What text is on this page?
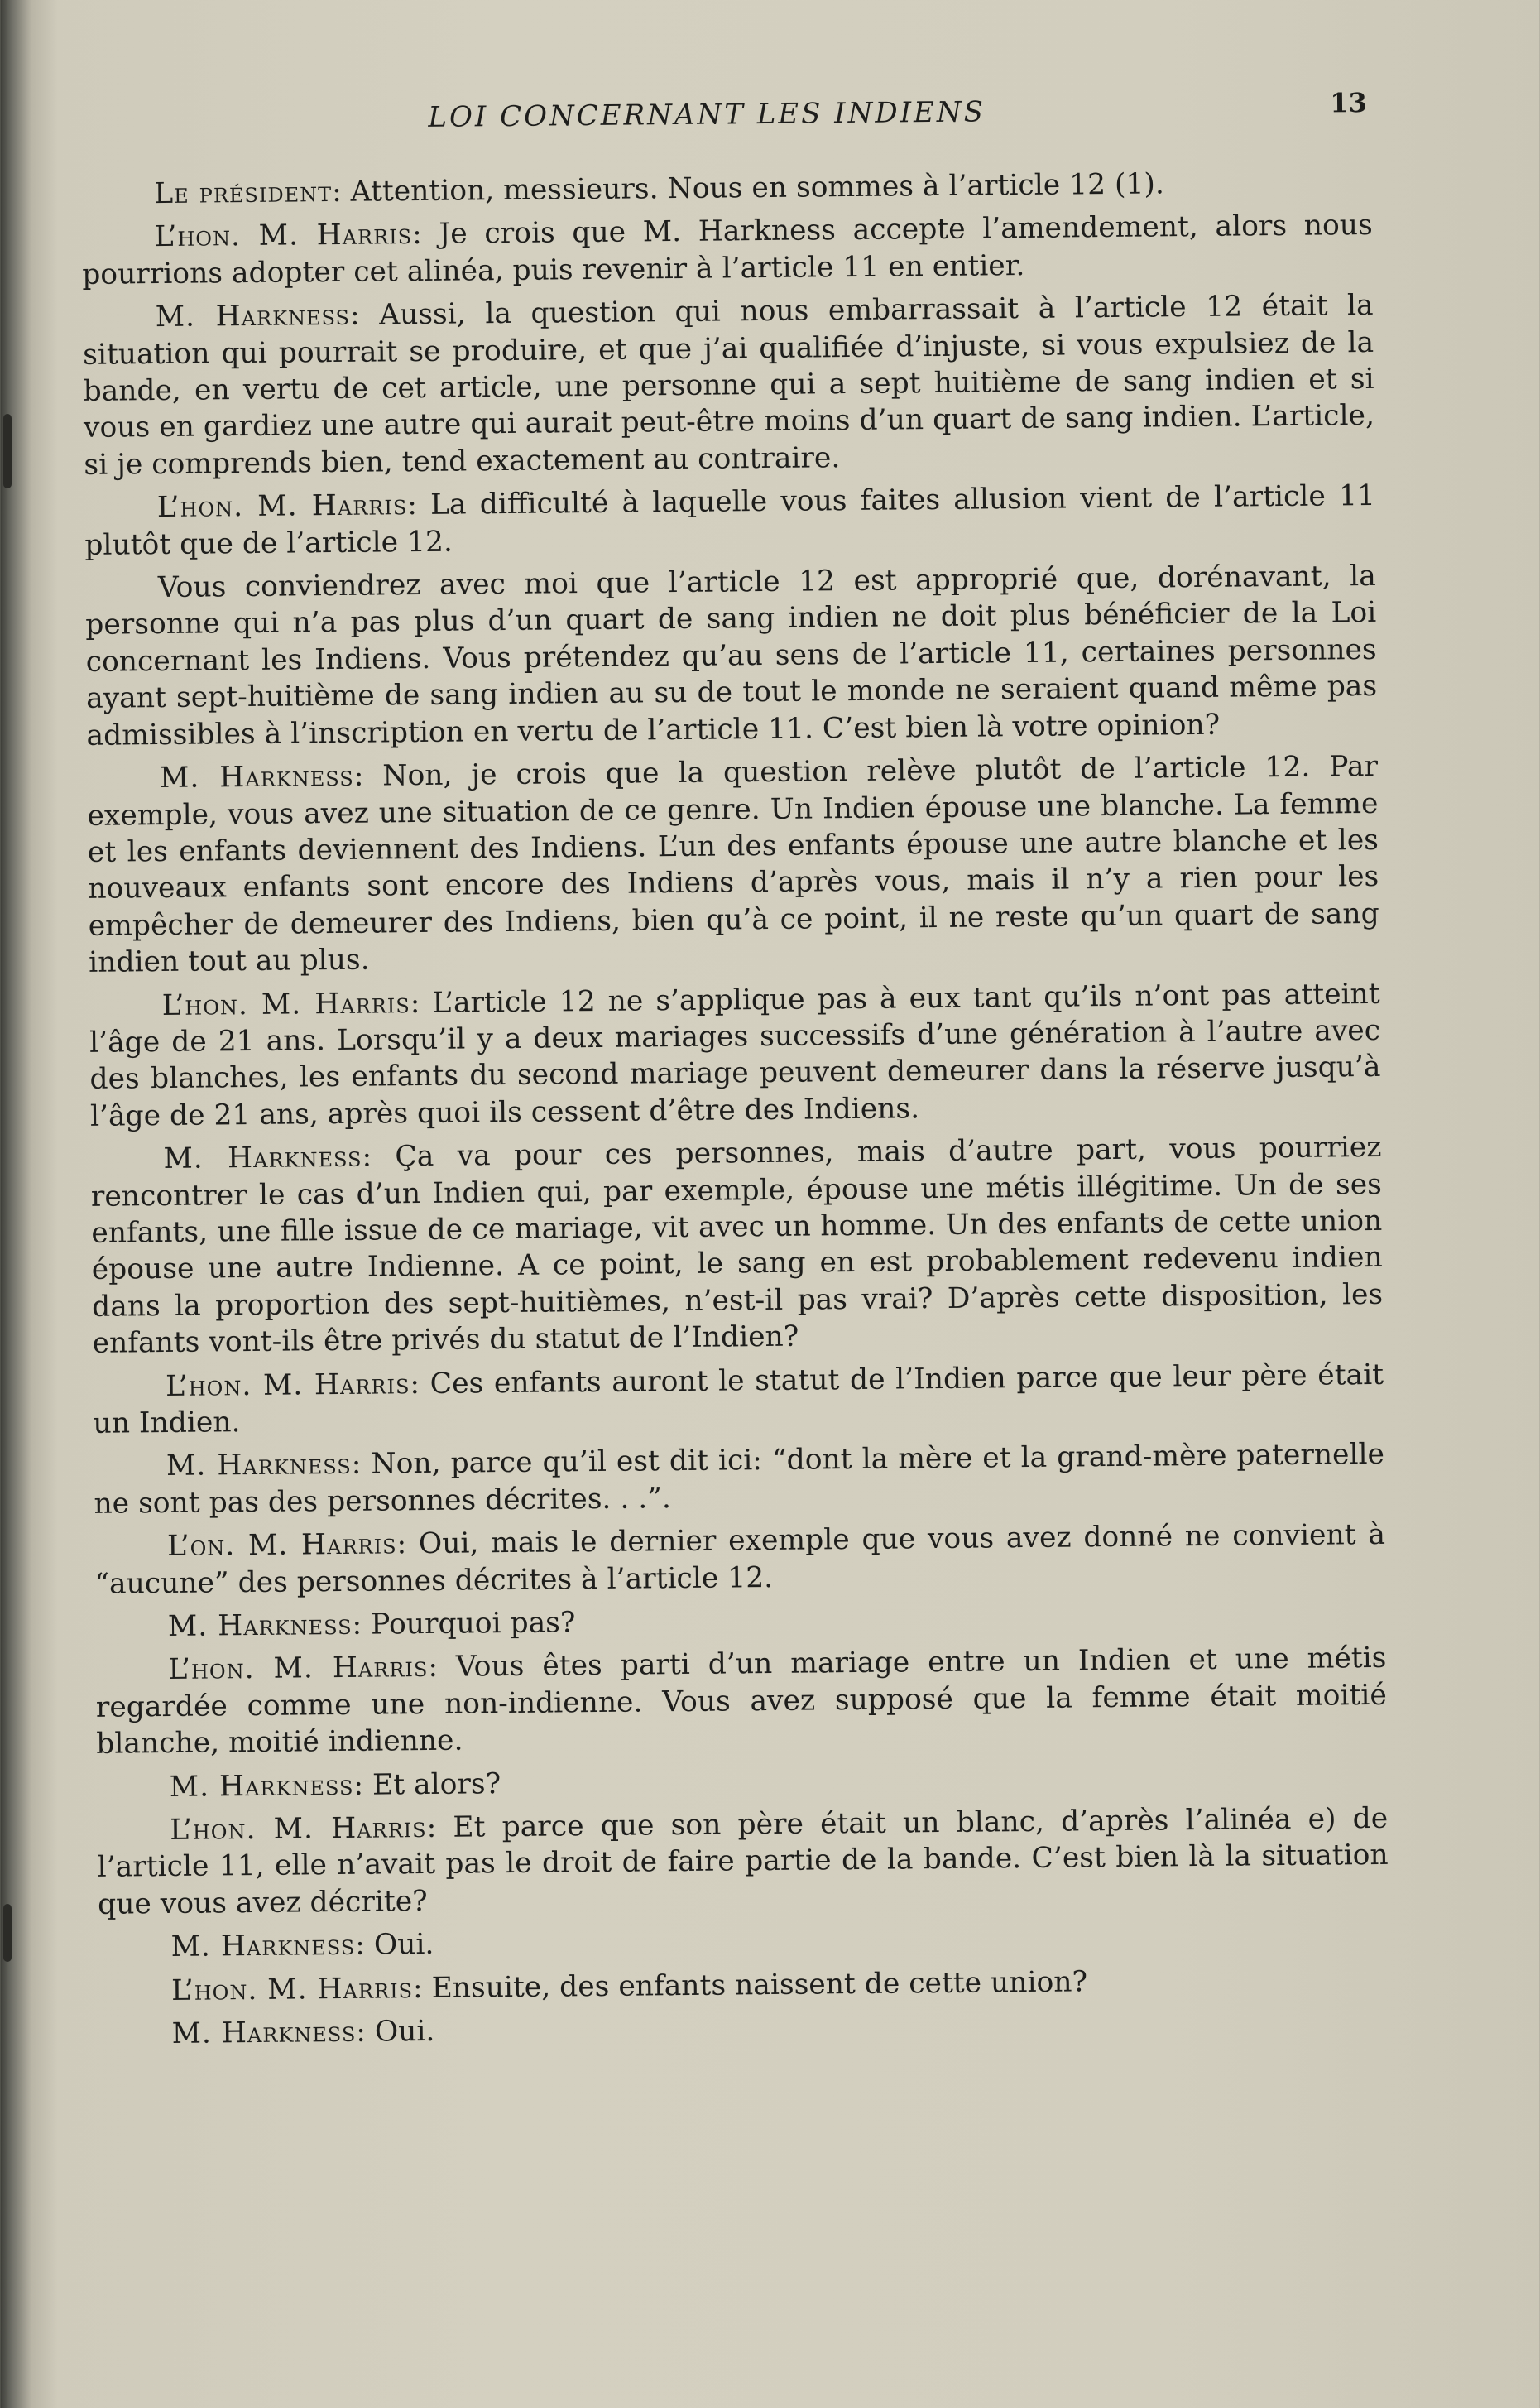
LOI CONCERNANT LES INDIENS	13

Le président: Attention, messieurs. Nous en sommes à l’article 12 (1).

L’hon. M. Harris: Je crois que M. Harkness accepte l’amendement, alors nous pourrions adopter cet alinéa, puis revenir à l’article 11 en entier.

M. Harkness: Aussi, la question qui nous embarrassait à l’article 12 était la situation qui pourrait se produire, et que j’ai qualifiée d’injuste, si vous expulsiez de la bande, en vertu de cet article, une personne qui a sept huitième de sang indien et si vous en gardiez une autre qui aurait peut-être moins d’un quart de sang indien. L’article, si je comprends bien, tend exactement au contraire.

L’hon. M. Harris: La difficulté à laquelle vous faites allusion vient de l’article 11 plutôt que de l’article 12.

Vous conviendrez avec moi que l’article 12 est approprié que, dorénavant, la personne qui n’a pas plus d’un quart de sang indien ne doit plus bénéficier de la Loi concernant les Indiens. Vous prétendez qu’au sens de l’article 11, certaines personnes ayant sept-huitième de sang indien au su de tout le monde ne seraient quand même pas admissibles à l’inscription en vertu de l’article 11. C’est bien là votre opinion?

M. Harkness: Non, je crois que la question relève plutôt de l’article 12. Par exemple, vous avez une situation de ce genre. Un Indien épouse une blanche. La femme et les enfants deviennent des Indiens. L’un des enfants épouse une autre blanche et les nouveaux enfants sont encore des Indiens d’après vous, mais il n’y a rien pour les empêcher de demeurer des Indiens, bien qu’à ce point, il ne reste qu’un quart de sang indien tout au plus.

L’hon. M. Harris: L’article 12 ne s’applique pas à eux tant qu’ils n’ont pas atteint l’âge de 21 ans. Lorsqu’il y a deux mariages successifs d’une génération à l’autre avec des blanches, les enfants du second mariage peuvent demeurer dans la réserve jusqu’à l’âge de 21 ans, après quoi ils cessent d’être des Indiens.

M. Harkness: Ça va pour ces personnes, mais d’autre part, vous pourriez rencontrer le cas d’un Indien qui, par exemple, épouse une métis illégitime. Un de ses enfants, une fille issue de ce mariage, vit avec un homme. Un des enfants de cette union épouse une autre Indienne. A ce point, le sang en est probablement redevenu indien dans la proportion des sept-huitièmes, n’est-il pas vrai? D’après cette disposition, les enfants vont-ils être privés du statut de l’Indien?

L’hon. M. Harris: Ces enfants auront le statut de l’Indien parce que leur père était un Indien.

M. Harkness: Non, parce qu’il est dit ici: “dont la mère et la grand-mère paternelle ne sont pas des personnes décrites. . .”.

L’on. M. Harris: Oui, mais le dernier exemple que vous avez donné ne convient à “aucune” des personnes décrites à l’article 12.

M. Harkness: Pourquoi pas?

L’hon. M. Harris: Vous êtes parti d’un mariage entre un Indien et une métis regardée comme une non-indienne. Vous avez supposé que la femme était moitié blanche, moitié indienne.

M. Harkness: Et alors?

L’hon. M. Harris: Et parce que son père était un blanc, d’après l’alinéa e) de l’article 11, elle n’avait pas le droit de faire partie de la bande. C’est bien là la situation que vous avez décrite?

M. Harkness: Oui.

L’hon. M. Harris: Ensuite, des enfants naissent de cette union?

M. Harkness: Oui.
